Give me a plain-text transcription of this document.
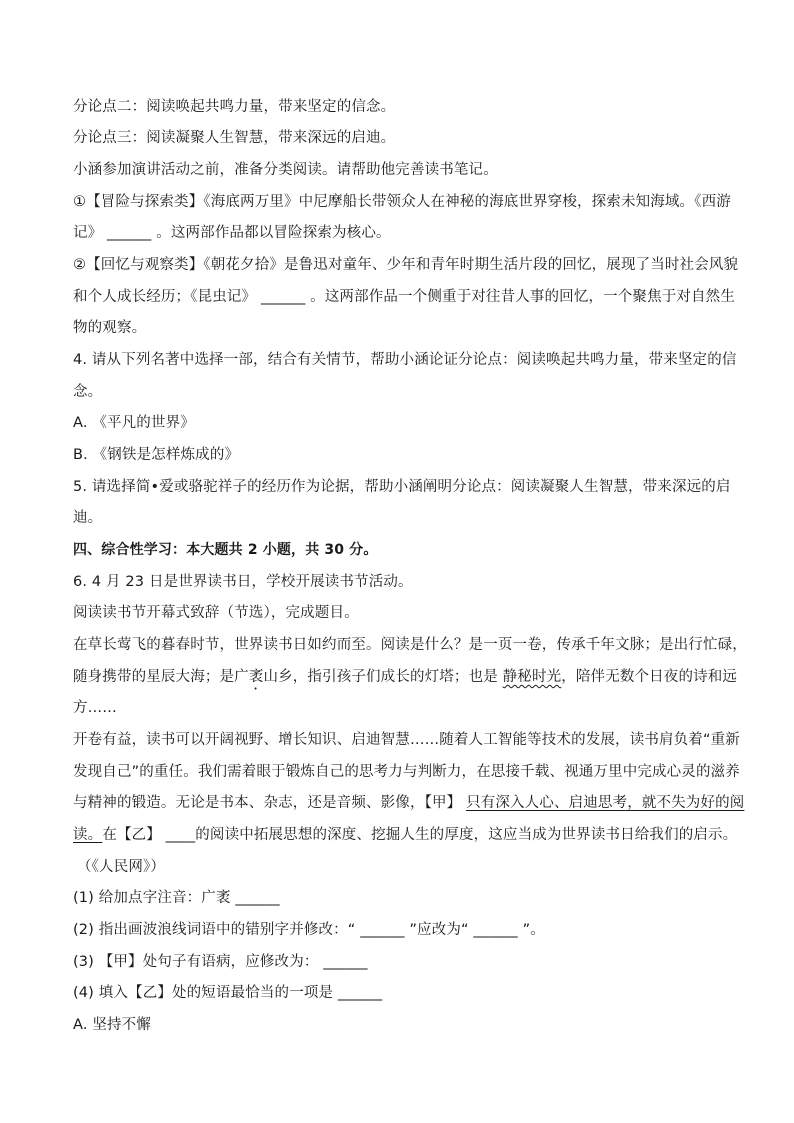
分论点二：阅读唤起共鸣力量，带来坚定的信念。

分论点三：阅读凝聚人生智慧，带来深远的启迪。

小涵参加演讲活动之前，准备分类阅读。请帮助他完善读书笔记。

①【冒险与探索类】《海底两万里》中尼摩船长带领众人在神秘的海底世界穿梭，探索未知海域。《西游

记》 ______ 。这两部作品都以冒险探索为核心。

②【回忆与观察类】《朝花夕拾》是鲁迅对童年、少年和青年时期生活片段的回忆，展现了当时社会风貌

和个人成长经历；《昆虫记》 ______ 。这两部作品一个侧重于对往昔人事的回忆，一个聚焦于对自然生

物的观察。

4. 请从下列名著中选择一部，结合有关情节，帮助小涵论证分论点：阅读唤起共鸣力量，带来坚定的信

念。

A. 《平凡的世界》

B. 《钢铁是怎样炼成的》

5. 请选择简•爱或骆驼祥子的经历作为论据，帮助小涵阐明分论点：阅读凝聚人生智慧，带来深远的启

迪。

四、综合性学习：本大题共 2 小题，共 30 分。

6. 4 月 23 日是世界读书日，学校开展读书节活动。

阅读读书节开幕式致辞（节选），完成题目。

在草长莺飞的暮春时节，世界读书日如约而至。阅读是什么？是一页一卷，传承千年文脉；是出行忙碌，

随身携带的星辰大海；是广袤山乡，指引孩子们成长的灯塔；也是 静秘时光，陪伴无数个日夜的诗和远

方……

开卷有益，读书可以开阔视野、增长知识、启迪智慧……随着人工智能等技术的发展，读书肩负着“重新

发现自己”的重任。我们需着眼于锻炼自己的思考力与判断力，在思接千载、视通万里中完成心灵的滋养

与精神的锻造。无论是书本、杂志，还是音频、影像，【甲】 只有深入人心、启迪思考，就不失为好的阅

读。在【乙】 ____的阅读中拓展思想的深度、挖掘人生的厚度，这应当成为世界读书日给我们的启示。

（《人民网》）

(1) 给加点字注音：广袤 ______

(2) 指出画波浪线词语中的错别字并修改：“ ______ ”应改为“ ______ ”。

(3) 【甲】处句子有语病，应修改为： ______

(4) 填入【乙】处的短语最恰当的一项是 ______

A. 坚持不懈
